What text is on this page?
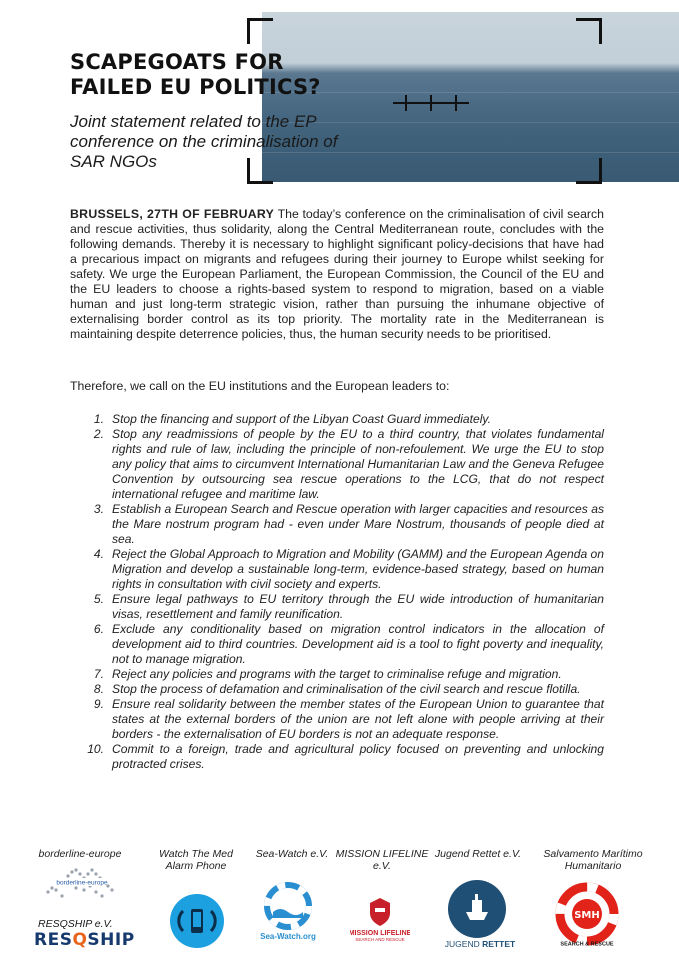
SCAPEGOATS FOR FAILED EU POLITICS?

Joint statement related to the EP conference on the criminalisation of SAR NGOs

BRUSSELS, 27TH OF FEBRUARY The today’s conference on the criminalisation of civil search and rescue activities, thus solidarity, along the Central Mediterranean route, concludes with the following demands. Thereby it is necessary to highlight significant policy-decisions that have had a precarious impact on migrants and refugees during their journey to Europe whilst seeking for safety. We urge the European Parliament, the European Commission, the Council of the EU and the EU leaders to choose a rights-based system to respond to migration, based on a viable human and just long-term strategic vision, rather than pursuing the inhumane objective of externalising border control as its top priority. The mortality rate in the Mediterranean is maintaining despite deterrence policies, thus, the human security needs to be prioritised.

Therefore, we call on the EU institutions and the European leaders to:

1. Stop the financing and support of the Libyan Coast Guard immediately.
2. Stop any readmissions of people by the EU to a third country, that violates fundamental rights and rule of law, including the principle of non-refoulement. We urge the EU to stop any policy that aims to circumvent International Humanitarian Law and the Geneva Refugee Convention by outsourcing sea rescue operations to the LCG, that do not respect international refugee and maritime law.
3. Establish a European Search and Rescue operation with larger capacities and resources as the Mare nostrum program had - even under Mare Nostrum, thousands of people died at sea.
4. Reject the Global Approach to Migration and Mobility (GAMM) and the European Agenda on Migration and develop a sustainable long-term, evidence-based strategy, based on human rights in consultation with civil society and experts.
5. Ensure legal pathways to EU territory through the EU wide introduction of humanitarian visas, resettlement and family reunification.
6. Exclude any conditionality based on migration control indicators in the allocation of development aid to third countries. Development aid is a tool to fight poverty and inequality, not to manage migration.
7. Reject any policies and programs with the target to criminalise refuge and migration.
8. Stop the process of defamation and criminalisation of the civil search and rescue flotilla.
9. Ensure real solidarity between the member states of the European Union to guarantee that states at the external borders of the union are not left alone with people arriving at their borders - the externalisation of EU borders is not an adequate response.
10. Commit to a foreign, trade and agricultural policy focused on preventing and unlocking protracted crises.
borderline-europe
borderline-europe
RESQSHIP e.V.
RESQSHIP
Watch The Med
Alarm Phone
Sea-Watch e.V.
Sea-Watch.org
MISSION LIFELINE
e.V.
MISSION LIFELINE
SEARCH AND RESCUE
Jugend Rettet e.V.
JUGEND RETTET
Salvamento Marítimo
Humanitario
SMH
SEARCH & RESCUE
